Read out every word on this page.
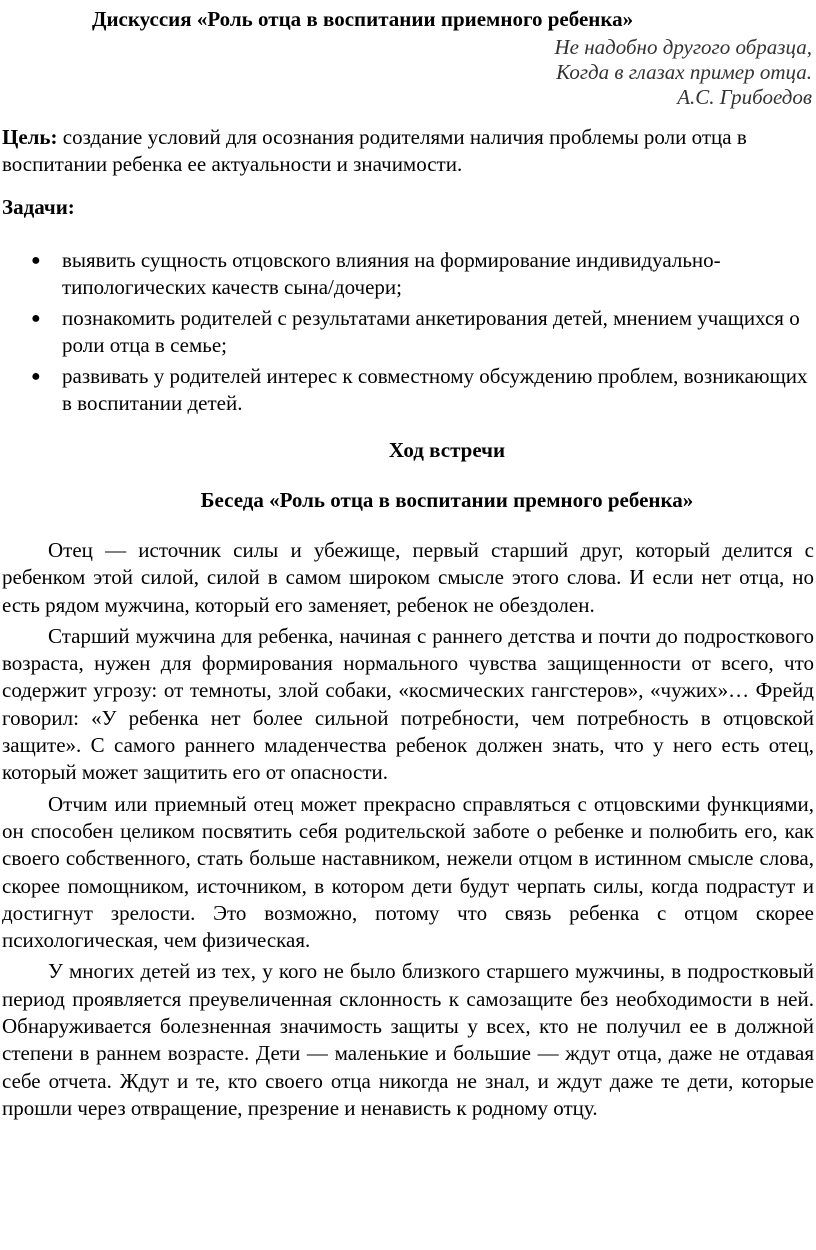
Дискуссия «Роль отца в воспитании приемного ребенка»
Не надобно другого образца,
Когда в глазах пример отца.
А.С. Грибоедов
Цель: создание условий для осознания родителями наличия проблемы роли отца в воспитании ребенка ее актуальности и значимости.
Задачи:
● выявить сущность отцовского влияния на формирование индивидуально-типологических качеств сына/дочери;
● познакомить родителей с результатами анкетирования детей, мнением учащихся о роли отца в семье;
● развивать у родителей интерес к совместному обсуждению проблем, возникающих в воспитании детей.
Ход встречи
Беседа «Роль отца в воспитании премного ребенка»

Отец — источник силы и убежище, первый старший друг, который делится с ребенком этой силой, силой в самом широком смысле этого слова. И если нет отца, но есть рядом мужчина, который его заменяет, ребенок не обездолен.

Старший мужчина для ребенка, начиная с раннего детства и почти до подросткового возраста, нужен для формирования нормального чувства защищенности от всего, что содержит угрозу: от темноты, злой собаки, «космических гангстеров», «чужих»… Фрейд говорил: «У ребенка нет более сильной потребности, чем потребность в отцовской защите». С самого раннего младенчества ребенок должен знать, что у него есть отец, который может защитить его от опасности.

Отчим или приемный отец может прекрасно справляться с отцовскими функциями, он способен целиком посвятить себя родительской заботе о ребенке и полюбить его, как своего собственного, стать больше наставником, нежели отцом в истинном смысле слова, скорее помощником, источником, в котором дети будут черпать силы, когда подрастут и достигнут зрелости. Это возможно, потому что связь ребенка с отцом скорее психологическая, чем физическая.

У многих детей из тех, у кого не было близкого старшего мужчины, в подростковый период проявляется преувеличенная склонность к самозащите без необходимости в ней. Обнаруживается болезненная значимость защиты у всех, кто не получил ее в должной степени в раннем возрасте. Дети — маленькие и большие — ждут отца, даже не отдавая себе отчета. Ждут и те, кто своего отца никогда не знал, и ждут даже те дети, которые прошли через отвращение, презрение и ненависть к родному отцу.
